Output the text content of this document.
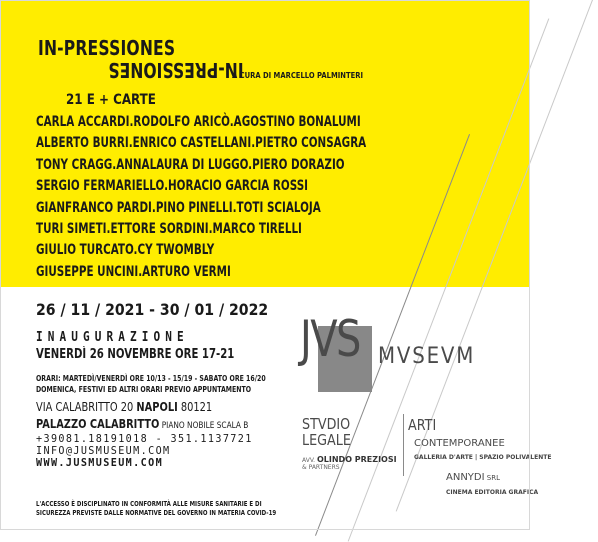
IN-PRESSIONES
IN-PRESSIONES
A CURA DI MARCELLO PALMINTERI
21 E + CARTE
CARLA ACCARDI.RODOLFO ARICÒ.AGOSTINO BONALUMI
ALBERTO BURRI.ENRICO CASTELLANI.PIETRO CONSAGRA
TONY CRAGG.ANNALAURA DI LUGGO.PIERO DORAZIO
SERGIO FERMARIELLO.HORACIO GARCIA ROSSI
GIANFRANCO PARDI.PINO PINELLI.TOTI SCIALOJA
TURI SIMETI.ETTORE SORDINI.MARCO TIRELLI
GIULIO TURCATO.CY TWOMBLY
GIUSEPPE UNCINI.ARTURO VERMI
26 / 11 / 2021 - 30 / 01 / 2022
INAUGURAZIONE
VENERDÌ 26 NOVEMBRE ORE 17-21
ORARI: MARTEDÌ/VENERDÌ ORE 10/13 - 15/19 - SABATO ORE 16/20
DOMENICA, FESTIVI ED ALTRI ORARI PREVIO APPUNTAMENTO
VIA CALABRITTO 20 NAPOLI 80121
PALAZZO CALABRITTO PIANO NOBILE SCALA B
+39081.18191018 - 351.1137721
INFO@JUSMUSEUM.COM
WWW.JUSMUSEUM.COM
L'ACCESSO È DISCIPLINATO IN CONFORMITÀ ALLE MISURE SANITARIE E DI
SICUREZZA PREVISTE DALLE NORMATIVE DEL GOVERNO IN MATERIA COVID-19
JVS MVSEVM
STVDIO
LEGALE
AVV. OLINDO PREZIOSI
& PARTNERS
ARTI
CONTEMPORANEE
GALLERIA D'ARTE | SPAZIO POLIVALENTE
ANNYDI SRL
CINEMA EDITORIA GRAFICA
